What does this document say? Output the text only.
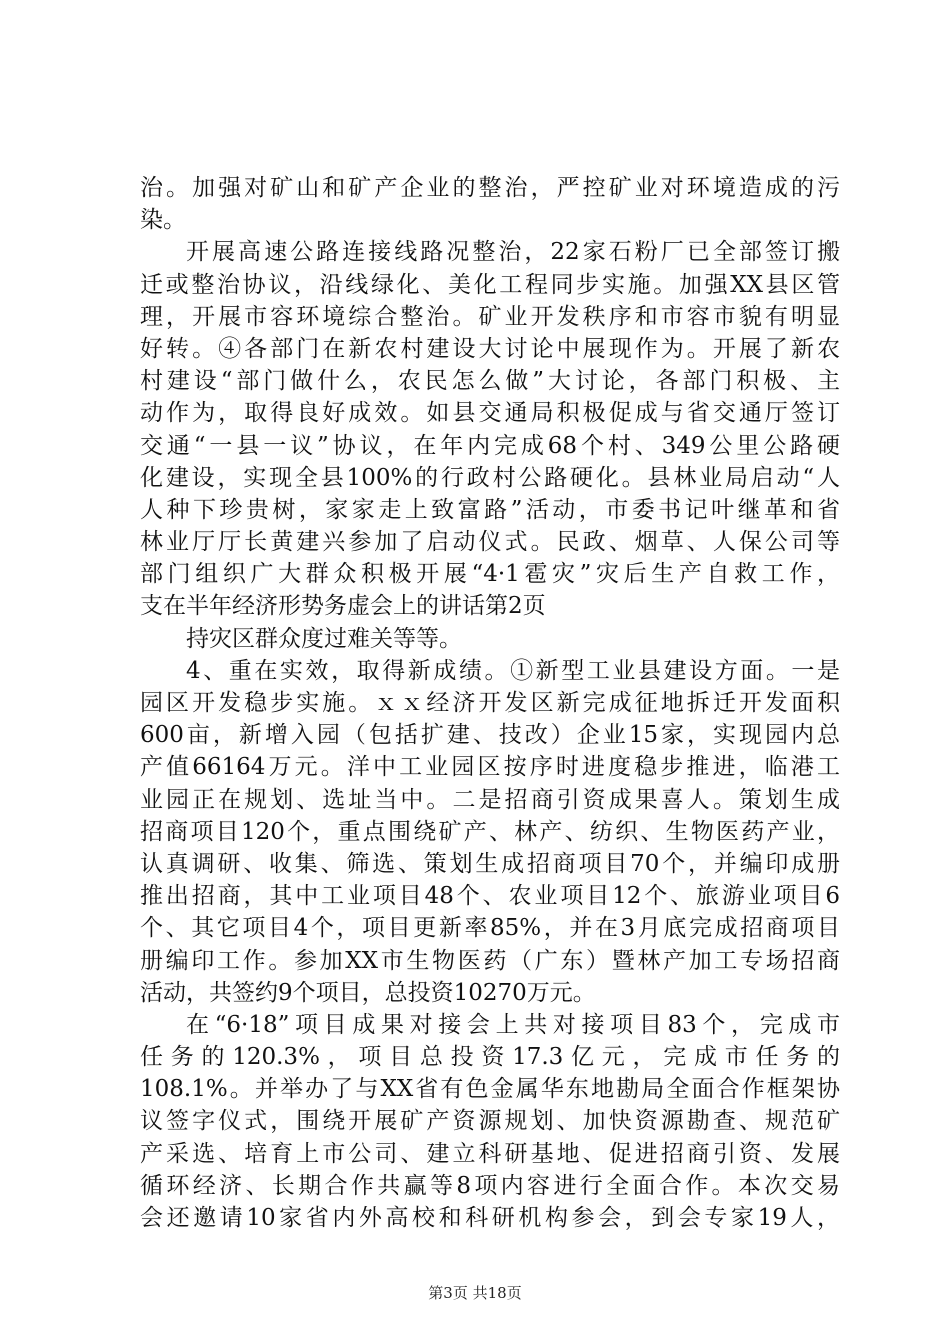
治。加强对矿山和矿产企业的整治，严控矿业对环境造成的污
染。
开展高速公路连接线路况整治，22家石粉厂已全部签订搬
迁或整治协议，沿线绿化、美化工程同步实施。加强XX县区管
理，开展市容环境综合整治。矿业开发秩序和市容市貌有明显
好转。④各部门在新农村建设大讨论中展现作为。开展了新农
村建设“部门做什么，农民怎么做”大讨论，各部门积极、主
动作为，取得良好成效。如县交通局积极促成与省交通厅签订
交通“一县一议”协议，在年内完成68个村、349公里公路硬
化建设，实现全县100%的行政村公路硬化。县林业局启动“人
人种下珍贵树，家家走上致富路”活动，市委书记叶继革和省
林业厅厅长黄建兴参加了启动仪式。民政、烟草、人保公司等
部门组织广大群众积极开展“4·1雹灾”灾后生产自救工作，
支在半年经济形势务虚会上的讲话第2页
持灾区群众度过难关等等。
4、重在实效，取得新成绩。①新型工业县建设方面。一是
园区开发稳步实施。ｘｘ经济开发区新完成征地拆迁开发面积
600亩，新增入园（包括扩建、技改）企业15家，实现园内总
产值66164万元。洋中工业园区按序时进度稳步推进，临港工
业园正在规划、选址当中。二是招商引资成果喜人。策划生成
招商项目120个，重点围绕矿产、林产、纺织、生物医药产业，
认真调研、收集、筛选、策划生成招商项目70个，并编印成册
推出招商，其中工业项目48个、农业项目12个、旅游业项目6
个、其它项目4个，项目更新率85%，并在3月底完成招商项目
册编印工作。参加XX市生物医药（广东）暨林产加工专场招商
活动，共签约9个项目，总投资10270万元。
在“6·18”项目成果对接会上共对接项目83个，完成市
任务的120.3%，项目总投资17.3亿元，完成市任务的
108.1%。并举办了与XX省有色金属华东地勘局全面合作框架协
议签字仪式，围绕开展矿产资源规划、加快资源勘查、规范矿
产采选、培育上市公司、建立科研基地、促进招商引资、发展
循环经济、长期合作共赢等8项内容进行全面合作。本次交易
会还邀请10家省内外高校和科研机构参会，到会专家19人，
第3页 共18页
